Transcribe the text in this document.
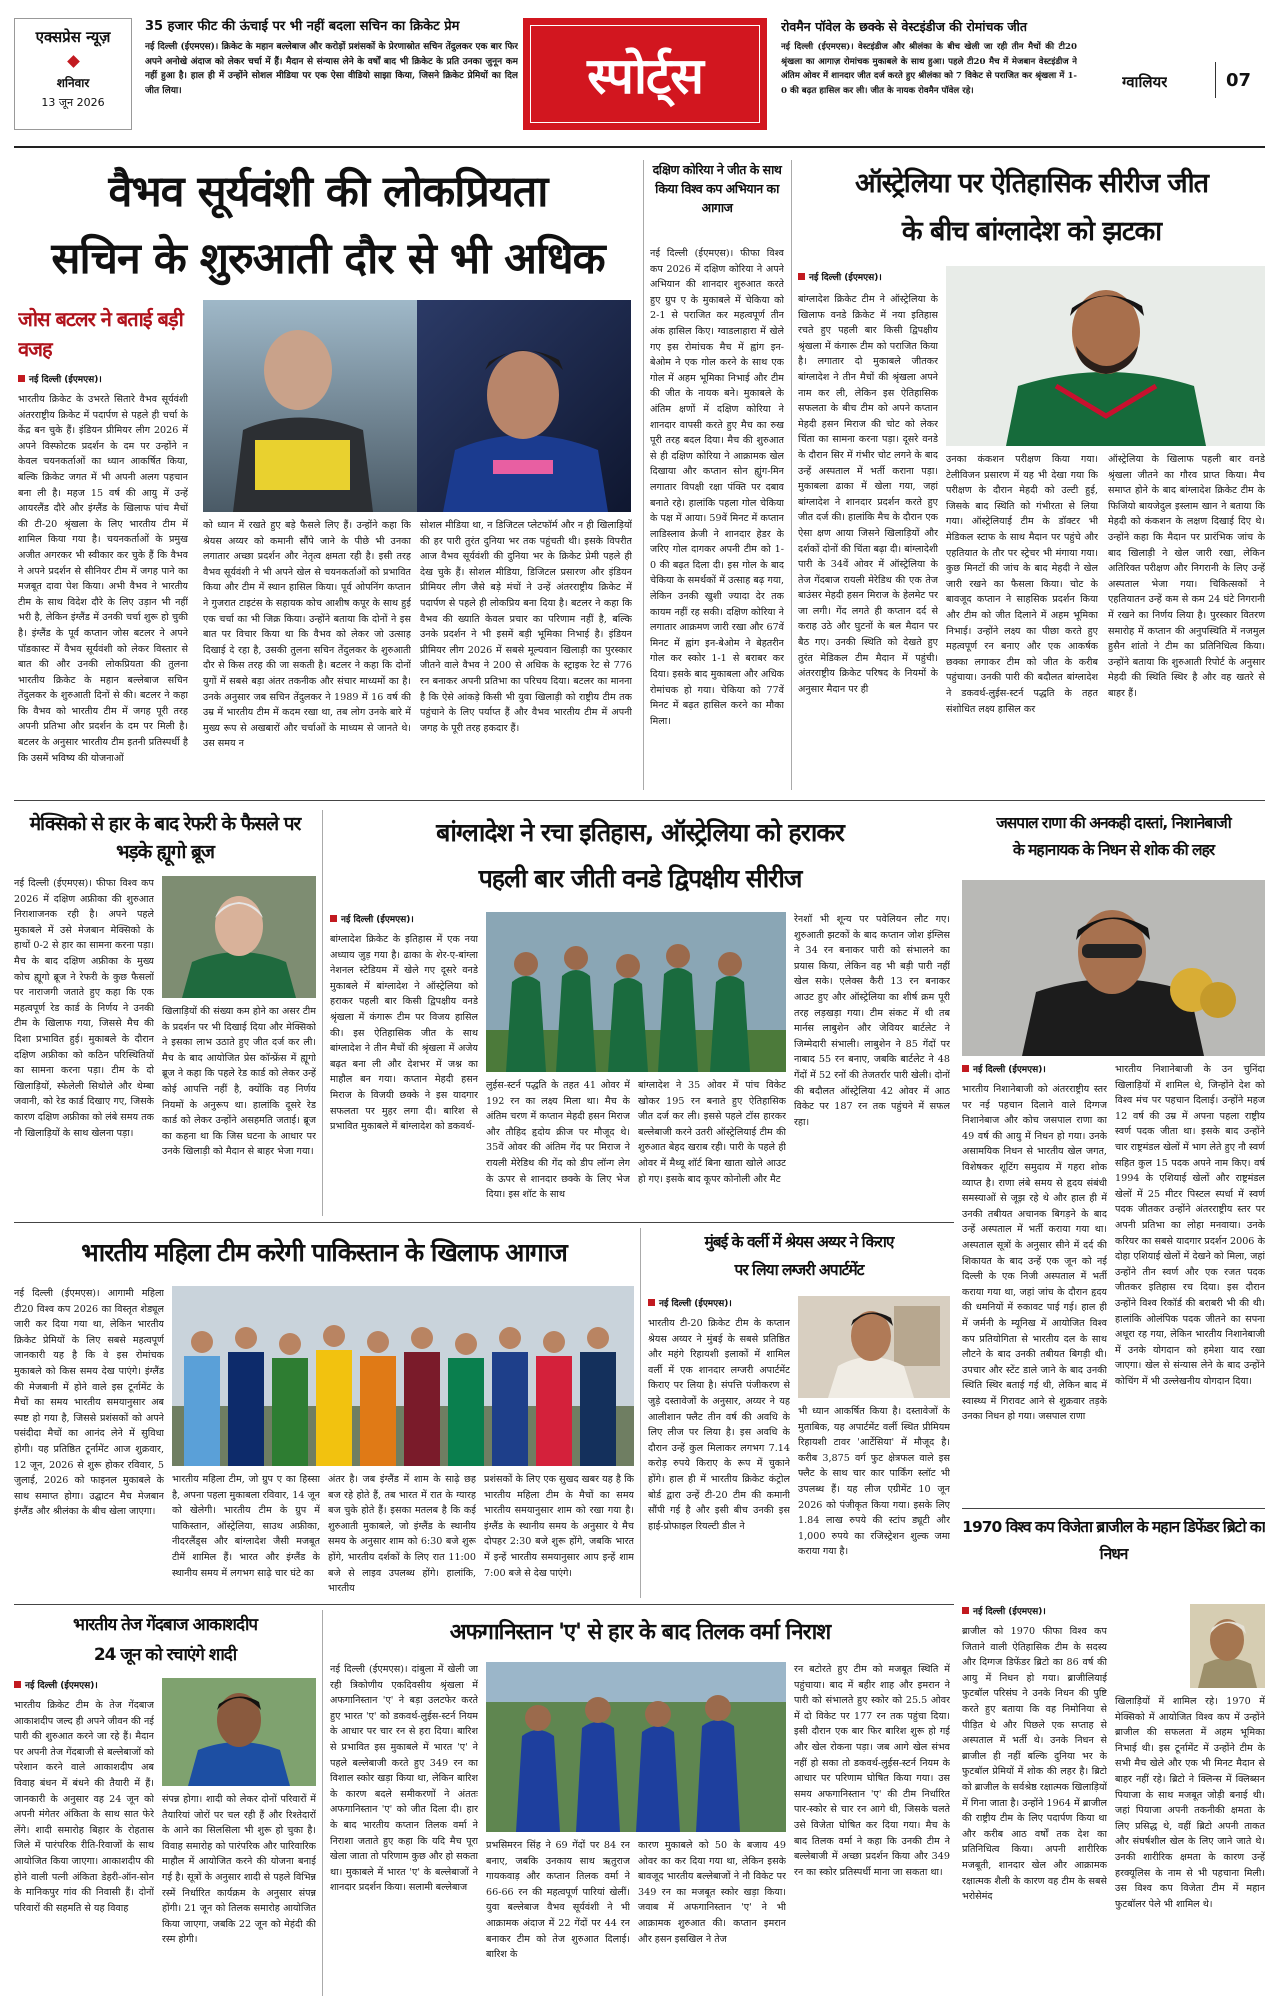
एक्सप्रेस न्यूज़
शनिवार
13 जून 2026
35 हजार फीट की ऊंचाई पर भी नहीं बदला सचिन का क्रिकेट प्रेम
नई दिल्ली (ईएमएस)। क्रिकेट के महान बल्लेबाज और करोड़ों प्रशंसकों के प्रेरणास्रोत सचिन तेंदुलकर एक बार फिर अपने अनोखे अंदाज को लेकर चर्चा में हैं। मैदान से संन्यास लेने के वर्षों बाद भी क्रिकेट के प्रति उनका जुनून कम नहीं हुआ है। हाल ही में उन्होंने सोशल मीडिया पर एक ऐसा वीडियो साझा किया, जिसने क्रिकेट प्रेमियों का दिल जीत लिया।	स्पोर्ट्स
रोवमैन पॉवेल के छक्के से वेस्टइंडीज की रोमांचक जीत
नई दिल्ली (ईएमएस)। वेस्टइंडीज और श्रीलंका के बीच खेली जा रही तीन मैचों की टी20 श्रृंखला का आगाज़ रोमांचक मुकाबले के साथ हुआ। पहले टी20 मैच में मेजबान वेस्टइंडीज ने अंतिम ओवर में शानदार जीत दर्ज करते हुए श्रीलंका को 7 विकेट से पराजित कर श्रृंखला में 1-0 की बढ़त हासिल कर ली। जीत के नायक रोवमैन पॉवेल रहे।	ग्वालियर	07
वैभव सूर्यवंशी की लोकप्रियता
सचिन के शुरुआती दौर से भी अधिक
जोस बटलर ने बताई बड़ी वजह
नई दिल्ली (ईएमएस)।
भारतीय क्रिकेट के उभरते सितारे वैभव सूर्यवंशी अंतरराष्ट्रीय क्रिकेट में पदार्पण से पहले ही चर्चा के केंद्र बन चुके हैं। इंडियन प्रीमियर लीग 2026 में अपने विस्फोटक प्रदर्शन के दम पर उन्होंने न केवल चयनकर्ताओं का ध्यान आकर्षित किया, बल्कि क्रिकेट जगत में भी अपनी अलग पहचान बना ली है। महज 15 वर्ष की आयु में उन्हें आयरलैंड दौरे और इंग्लैंड के खिलाफ पांच मैचों की टी-20 श्रृंखला के लिए भारतीय टीम में शामिल किया गया है। चयनकर्ताओं के प्रमुख अजीत अगरकर भी स्वीकार कर चुके हैं कि वैभव ने अपने प्रदर्शन से सीनियर टीम में जगह पाने का मजबूत दावा पेश किया। अभी वैभव ने भारतीय टीम के साथ विदेश दौरे के लिए उड़ान भी नहीं भरी है, लेकिन इंग्लैंड में उनकी चर्चा शुरू हो चुकी है। इंग्लैंड के पूर्व कप्तान जोस बटलर ने अपने पॉडकास्ट में वैभव सूर्यवंशी को लेकर विस्तार से बात की और उनकी लोकप्रियता की तुलना भारतीय क्रिकेट के महान बल्लेबाज सचिन तेंदुलकर के शुरुआती दिनों से की। बटलर ने कहा कि वैभव को भारतीय टीम में जगह पूरी तरह अपनी प्रतिभा और प्रदर्शन के दम पर मिली है। बटलर के अनुसार भारतीय टीम इतनी प्रतिस्पर्धी है कि उसमें भविष्य की योजनाओं
को ध्यान में रखते हुए बड़े फैसले लिए हैं। उन्होंने कहा कि श्रेयस अय्यर को कमानी सौंपे जाने के पीछे भी उनका लगातार अच्छा प्रदर्शन और नेतृत्व क्षमता रही है। इसी तरह वैभव सूर्यवंशी ने भी अपने खेल से चयनकर्ताओं को प्रभावित किया और टीम में स्थान हासिल किया। पूर्व ओपनिंग कप्तान ने गुजरात टाइटंस के सहायक कोच आशीष कपूर के साथ हुई एक चर्चा का भी जिक्र किया। उन्होंने बताया कि दोनों ने इस बात पर विचार किया था कि वैभव को लेकर जो उत्साह दिखाई दे रहा है, उसकी तुलना सचिन तेंदुलकर के शुरुआती दौर से किस तरह की जा सकती है। बटलर ने कहा कि दोनों युगों में सबसे बड़ा अंतर तकनीक और संचार माध्यमों का है। उनके अनुसार जब सचिन तेंदुलकर ने 1989 में 16 वर्ष की उम्र में भारतीय टीम में कदम रखा था, तब लोग उनके बारे में मुख्य रूप से अखबारों और चर्चाओं के माध्यम से जानते थे। उस समय न
सोशल मीडिया था, न डिजिटल प्लेटफॉर्म और न ही खिलाड़ियों की हर पारी तुरंत दुनिया भर तक पहुंचती थी। इसके विपरीत आज वैभव सूर्यवंशी की दुनिया भर के क्रिकेट प्रेमी पहले ही देख चुके हैं। सोशल मीडिया, डिजिटल प्रसारण और इंडियन प्रीमियर लीग जैसे बड़े मंचों ने उन्हें अंतरराष्ट्रीय क्रिकेट में पदार्पण से पहले ही लोकप्रिय बना दिया है। बटलर ने कहा कि वैभव की ख्याति केवल प्रचार का परिणाम नहीं है, बल्कि उनके प्रदर्शन ने भी इसमें बड़ी भूमिका निभाई है। इंडियन प्रीमियर लीग 2026 में सबसे मूल्यवान खिलाड़ी का पुरस्कार जीतने वाले वैभव ने 200 से अधिक के स्ट्राइक रेट से 776 रन बनाकर अपनी प्रतिभा का परिचय दिया। बटलर का मानना है कि ऐसे आंकड़े किसी भी युवा खिलाड़ी को राष्ट्रीय टीम तक पहुंचाने के लिए पर्याप्त हैं और वैभव भारतीय टीम में अपनी जगह के पूरी तरह हकदार हैं।
दक्षिण कोरिया ने जीत के साथ किया विश्व कप अभियान का आगाज
नई दिल्ली (ईएमएस)। फीफा विश्व कप 2026 में दक्षिण कोरिया ने अपने अभियान की शानदार शुरुआत करते हुए ग्रुप ए के मुकाबले में चेकिया को 2-1 से पराजित कर महत्वपूर्ण तीन अंक हासिल किए। ग्वाडलाहारा में खेले गए इस रोमांचक मैच में ह्वांग इन-बेओम ने एक गोल करने के साथ एक गोल में अहम भूमिका निभाई और टीम की जीत के नायक बने। मुकाबले के अंतिम क्षणों में दक्षिण कोरिया ने शानदार वापसी करते हुए मैच का रुख पूरी तरह बदल दिया। मैच की शुरुआत से ही दक्षिण कोरिया ने आक्रामक खेल दिखाया और कप्तान सोन ह्युंग-मिन लगातार विपक्षी रक्षा पंक्ति पर दबाव बनाते रहे। हालांकि पहला गोल चेकिया के पक्ष में आया। 59वें मिनट में कप्तान लाडिस्लाव क्रेजी ने शानदार हेडर के जरिए गोल दागकर अपनी टीम को 1-0 की बढ़त दिला दी। इस गोल के बाद चेकिया के समर्थकों में उत्साह बढ़ गया, लेकिन उनकी खुशी ज्यादा देर तक कायम नहीं रह सकी। दक्षिण कोरिया ने लगातार आक्रमण जारी रखा और 67वें मिनट में ह्वांग इन-बेओम ने बेहतरीन गोल कर स्कोर 1-1 से बराबर कर दिया। इसके बाद मुकाबला और अधिक रोमांचक हो गया। चेकिया को 77वें मिनट में बढ़त हासिल करने का मौका मिला।
ऑस्ट्रेलिया पर ऐतिहासिक सीरीज जीत
के बीच बांग्लादेश को झटका
नई दिल्ली (ईएमएस)।
बांग्लादेश क्रिकेट टीम ने ऑस्ट्रेलिया के खिलाफ वनडे क्रिकेट में नया इतिहास रचते हुए पहली बार किसी द्विपक्षीय श्रृंखला में कंगारू टीम को पराजित किया है। लगातार दो मुकाबले जीतकर बांग्लादेश ने तीन मैचों की श्रृंखला अपने नाम कर ली, लेकिन इस ऐतिहासिक सफलता के बीच टीम को अपने कप्तान मेहदी हसन मिराज की चोट को लेकर चिंता का सामना करना पड़ा। दूसरे वनडे के दौरान सिर में गंभीर चोट लगने के बाद उन्हें अस्पताल में भर्ती कराना पड़ा। मुकाबला ढाका में खेला गया, जहां बांग्लादेश ने शानदार प्रदर्शन करते हुए जीत दर्ज की। हालांकि मैच के दौरान एक ऐसा क्षण आया जिसने खिलाड़ियों और दर्शकों दोनों की चिंता बढ़ा दी। बांग्लादेशी पारी के 34वें ओवर में ऑस्ट्रेलिया के तेज गेंदबाज रायली मेरेडिथ की एक तेज बाउंसर मेहदी हसन मिराज के हेलमेट पर जा लगी। गेंद लगते ही कप्तान दर्द से कराह उठे और घुटनों के बल मैदान पर बैठ गए। उनकी स्थिति को देखते हुए तुरंत मेडिकल टीम मैदान में पहुंची। अंतरराष्ट्रीय क्रिकेट परिषद के नियमों के अनुसार मैदान पर ही
उनका कंकशन परीक्षण किया गया। टेलीविजन प्रसारण में यह भी देखा गया कि परीक्षण के दौरान मेहदी को उल्टी हुई, जिसके बाद स्थिति को गंभीरता से लिया गया। ऑस्ट्रेलियाई टीम के डॉक्टर भी मेडिकल स्टाफ के साथ मैदान पर पहुंचे और एहतियात के तौर पर स्ट्रेचर भी मंगाया गया। कुछ मिनटों की जांच के बाद मेहदी ने खेल जारी रखने का फैसला किया। चोट के बावजूद कप्तान ने साहसिक प्रदर्शन किया और टीम को जीत दिलाने में अहम भूमिका निभाई। उन्होंने लक्ष्य का पीछा करते हुए महत्वपूर्ण रन बनाए और एक आकर्षक छक्का लगाकर टीम को जीत के करीब पहुंचाया। उनकी पारी की बदौलत बांग्लादेश ने डकवर्थ-लुईस-स्टर्न पद्धति के तहत संशोधित लक्ष्य हासिल कर
ऑस्ट्रेलिया के खिलाफ पहली बार वनडे श्रृंखला जीतने का गौरव प्राप्त किया। मैच समाप्त होने के बाद बांग्लादेश क्रिकेट टीम के फिजियो बायजेदुल इस्लाम खान ने बताया कि मेहदी को कंकशन के लक्षण दिखाई दिए थे। उन्होंने कहा कि मैदान पर प्रारंभिक जांच के बाद खिलाड़ी ने खेल जारी रखा, लेकिन अतिरिक्त परीक्षण और निगरानी के लिए उन्हें अस्पताल भेजा गया। चिकित्सकों ने एहतियातन उन्हें कम से कम 24 घंटे निगरानी में रखने का निर्णय लिया है। पुरस्कार वितरण समारोह में कप्तान की अनुपस्थिति में नजमुल हुसैन शांतो ने टीम का प्रतिनिधित्व किया। उन्होंने बताया कि शुरुआती रिपोर्ट के अनुसार मेहदी की स्थिति स्थिर है और वह खतरे से बाहर हैं।
मेक्सिको से हार के बाद रेफरी के फैसले पर भड़के ह्यूगो ब्रूज
नई दिल्ली (ईएमएस)। फीफा विश्व कप 2026 में दक्षिण अफ्रीका की शुरुआत निराशाजनक रही है। अपने पहले मुकाबले में उसे मेजबान मेक्सिको के हाथों 0-2 से हार का सामना करना पड़ा। मैच के बाद दक्षिण अफ्रीका के मुख्य कोच ह्यूगो ब्रूज ने रेफरी के कुछ फैसलों पर नाराजगी जताते हुए कहा कि एक महत्वपूर्ण रेड कार्ड के निर्णय ने उनकी टीम के खिलाफ गया, जिससे मैच की दिशा प्रभावित हुई। मुकाबले के दौरान दक्षिण अफ्रीका को कठिन परिस्थितियों का सामना करना पड़ा। टीम के दो खिलाड़ियों, स्फेलेली सिथोले और थेम्बा जवानी, को रेड कार्ड दिखाए गए, जिसके कारण दक्षिण अफ्रीका को लंबे समय तक नौ खिलाड़ियों के साथ खेलना पड़ा।
खिलाड़ियों की संख्या कम होने का असर टीम के प्रदर्शन पर भी दिखाई दिया और मेक्सिको ने इसका लाभ उठाते हुए जीत दर्ज कर ली। मैच के बाद आयोजित प्रेस कॉन्फ्रेंस में ह्यूगो ब्रूज ने कहा कि पहले रेड कार्ड को लेकर उन्हें कोई आपत्ति नहीं है, क्योंकि वह निर्णय नियमों के अनुरूप था। हालांकि दूसरे रेड कार्ड को लेकर उन्होंने असहमति जताई। ब्रूज का कहना था कि जिस घटना के आधार पर उनके खिलाड़ी को मैदान से बाहर भेजा गया।
बांग्लादेश ने रचा इतिहास, ऑस्ट्रेलिया को हराकर
पहली बार जीती वनडे द्विपक्षीय सीरीज
नई दिल्ली (ईएमएस)।
बांग्लादेश क्रिकेट के इतिहास में एक नया अध्याय जुड़ गया है। ढाका के शेर-ए-बांग्ला नेशनल स्टेडियम में खेले गए दूसरे वनडे मुकाबले में बांग्लादेश ने ऑस्ट्रेलिया को हराकर पहली बार किसी द्विपक्षीय वनडे श्रृंखला में कंगारू टीम पर विजय हासिल की। इस ऐतिहासिक जीत के साथ बांग्लादेश ने तीन मैचों की श्रृंखला में अजेय बढ़त बना ली और देशभर में जश्न का माहौल बन गया। कप्तान मेहदी हसन मिराज के विजयी छक्के ने इस यादगार सफलता पर मुहर लगा दी। बारिश से प्रभावित मुकाबले में बांग्लादेश को डकवर्थ-
लुईस-स्टर्न पद्धति के तहत 41 ओवर में 192 रन का लक्ष्य मिला था। मैच के अंतिम चरण में कप्तान मेहदी हसन मिराज और तौहिद हृदोय क्रीज पर मौजूद थे। 35वें ओवर की अंतिम गेंद पर मिराज ने रायली मेरेडिथ की गेंद को डीप लॉन्ग लेग के ऊपर से शानदार छक्के के लिए भेज दिया। इस शॉट के साथ
बांग्लादेश ने 35 ओवर में पांच विकेट खोकर 195 रन बनाते हुए ऐतिहासिक जीत दर्ज कर ली। इससे पहले टॉस हारकर बल्लेबाजी करने उतरी ऑस्ट्रेलियाई टीम की शुरुआत बेहद खराब रही। पारी के पहले ही ओवर में मैथ्यू शॉर्ट बिना खाता खोले आउट हो गए। इसके बाद कूपर कोनोली और मैट
रेनशॉ भी शून्य पर पवेलियन लौट गए। शुरुआती झटकों के बाद कप्तान जोश इंग्लिस ने 34 रन बनाकर पारी को संभालने का प्रयास किया, लेकिन वह भी बड़ी पारी नहीं खेल सके। एलेक्स कैरी 13 रन बनाकर आउट हुए और ऑस्ट्रेलिया का शीर्ष क्रम पूरी तरह लड़खड़ा गया। टीम संकट में थी तब मार्नस लाबुशेन और जेवियर बार्टलेट ने जिम्मेदारी संभाली। लाबुशेन ने 85 गेंदों पर नाबाद 55 रन बनाए, जबकि बार्टलेट ने 48 गेंदों में 52 रनों की तेजतर्रार पारी खेली। दोनों की बदौलत ऑस्ट्रेलिया 42 ओवर में आठ विकेट पर 187 रन तक पहुंचने में सफल रहा।
जसपाल राणा की अनकही दास्तां, निशानेबाजी
के महानायक के निधन से शोक की लहर
नई दिल्ली (ईएमएस)।
भारतीय निशानेबाजी को अंतरराष्ट्रीय स्तर पर नई पहचान दिलाने वाले दिग्गज निशानेबाज और कोच जसपाल राणा का 49 वर्ष की आयु में निधन हो गया। उनके असामयिक निधन से भारतीय खेल जगत, विशेषकर शूटिंग समुदाय में गहरा शोक व्याप्त है। राणा लंबे समय से हृदय संबंधी समस्याओं से जूझ रहे थे और हाल ही में उनकी तबीयत अचानक बिगड़ने के बाद उन्हें अस्पताल में भर्ती कराया गया था। अस्पताल सूत्रों के अनुसार सीने में दर्द की शिकायत के बाद उन्हें एक जून को नई दिल्ली के एक निजी अस्पताल में भर्ती कराया गया था, जहां जांच के दौरान हृदय की धमनियों में रुकावट पाई गई। हाल ही में जर्मनी के म्यूनिख में आयोजित विश्व कप प्रतियोगिता से भारतीय दल के साथ लौटने के बाद उनकी तबीयत बिगड़ी थी। उपचार और स्टेंट डाले जाने के बाद उनकी स्थिति स्थिर बताई गई थी, लेकिन बाद में स्वास्थ्य में गिरावट आने से शुक्रवार तड़के उनका निधन हो गया। जसपाल राणा
भारतीय निशानेबाजी के उन चुनिंदा खिलाड़ियों में शामिल थे, जिन्होंने देश को विश्व मंच पर पहचान दिलाई। उन्होंने महज 12 वर्ष की उम्र में अपना पहला राष्ट्रीय स्वर्ण पदक जीता था। इसके बाद उन्होंने चार राष्ट्रमंडल खेलों में भाग लेते हुए नौ स्वर्ण सहित कुल 15 पदक अपने नाम किए। वर्ष 1994 के एशियाई खेलों और राष्ट्रमंडल खेलों में 25 मीटर पिस्टल स्पर्धा में स्वर्ण पदक जीतकर उन्होंने अंतरराष्ट्रीय स्तर पर अपनी प्रतिभा का लोहा मनवाया। उनके करियर का सबसे यादगार प्रदर्शन 2006 के दोहा एशियाई खेलों में देखने को मिला, जहां उन्होंने तीन स्वर्ण और एक रजत पदक जीतकर इतिहास रच दिया। इस दौरान उन्होंने विश्व रिकॉर्ड की बराबरी भी की थी। हालांकि ओलंपिक पदक जीतने का सपना अधूरा रह गया, लेकिन भारतीय निशानेबाजी में उनके योगदान को हमेशा याद रखा जाएगा। खेल से संन्यास लेने के बाद उन्होंने कोचिंग में भी उल्लेखनीय योगदान दिया।
भारतीय महिला टीम करेगी पाकिस्तान के खिलाफ आगाज
नई दिल्ली (ईएमएस)। आगामी महिला टी20 विश्व कप 2026 का विस्तृत शेड्यूल जारी कर दिया गया था, लेकिन भारतीय क्रिकेट प्रेमियों के लिए सबसे महत्वपूर्ण जानकारी यह है कि वे इस रोमांचक मुकाबले को किस समय देख पाएंगे। इंग्लैंड की मेजबानी में होने वाले इस टूर्नामेंट के मैचों का समय भारतीय समयानुसार अब स्पष्ट हो गया है, जिससे प्रशंसकों को अपने पसंदीदा मैचों का आनंद लेने में सुविधा होगी। यह प्रतिष्ठित टूर्नामेंट आज शुक्रवार, 12 जून, 2026 से शुरू होकर रविवार, 5 जुलाई, 2026 को फाइनल मुकाबले के साथ समाप्त होगा। उद्घाटन मैच मेजबान इंग्लैंड और श्रीलंका के बीच खेला जाएगा।
भारतीय महिला टीम, जो ग्रुप ए का हिस्सा है, अपना पहला मुकाबला रविवार, 14 जून को खेलेगी। भारतीय टीम के ग्रुप में पाकिस्तान, ऑस्ट्रेलिया, साउथ अफ्रीका, नीदरलैंड्स और बांग्लादेश जैसी मजबूत टीमें शामिल हैं। भारत और इंग्लैंड के स्थानीय समय में लगभग साढ़े चार घंटे का
अंतर है। जब इंग्लैंड में शाम के साढ़े छह बज रहे होते हैं, तब भारत में रात के ग्यारह बज चुके होते हैं। इसका मतलब है कि कई शुरुआती मुकाबले, जो इंग्लैंड के स्थानीय समय के अनुसार शाम को 6:30 बजे शुरू होंगे, भारतीय दर्शकों के लिए रात 11:00 बजे से लाइव उपलब्ध होंगे। हालांकि, भारतीय
प्रशंसकों के लिए एक सुखद खबर यह है कि भारतीय महिला टीम के मैचों का समय भारतीय समयानुसार शाम को रखा गया है। इंग्लैंड के स्थानीय समय के अनुसार ये मैच दोपहर 2:30 बजे शुरू होंगे, जबकि भारत में इन्हें भारतीय समयानुसार आप इन्हें शाम 7:00 बजे से देख पाएंगे।
मुंबई के वर्ली में श्रेयस अय्यर ने किराए
पर लिया लग्जरी अपार्टमेंट
नई दिल्ली (ईएमएस)।
भारतीय टी-20 क्रिकेट टीम के कप्तान श्रेयस अय्यर ने मुंबई के सबसे प्रतिष्ठित और महंगे रिहायशी इलाकों में शामिल वर्ली में एक शानदार लग्जरी अपार्टमेंट किराए पर लिया है। संपत्ति पंजीकरण से जुड़े दस्तावेजों के अनुसार, अय्यर ने यह आलीशान फ्लैट तीन वर्ष की अवधि के लिए लीज पर लिया है। इस अवधि के दौरान उन्हें कुल मिलाकर लगभग 7.14 करोड़ रुपये किराए के रूप में चुकाने होंगे। हाल ही में भारतीय क्रिकेट कंट्रोल बोर्ड द्वारा उन्हें टी-20 टीम की कमानी सौंपी गई है और इसी बीच उनकी इस हाई-प्रोफाइल रियल्टी डील ने
भी ध्यान आकर्षित किया है। दस्तावेजों के मुताबिक, यह अपार्टमेंट वर्ली स्थित प्रीमियम रिहायशी टावर 'आर्टेसिया' में मौजूद है। करीब 3,875 वर्ग फुट क्षेत्रफल वाले इस फ्लैट के साथ चार कार पार्किंग स्लॉट भी उपलब्ध हैं। यह लीज एग्रीमेंट 10 जून 2026 को पंजीकृत किया गया। इसके लिए 1.84 लाख रुपये की स्टांप ड्यूटी और 1,000 रुपये का रजिस्ट्रेशन शुल्क जमा कराया गया है।
1970 विश्व कप विजेता ब्राजील के महान डिफेंडर ब्रिटो का निधन
नई दिल्ली (ईएमएस)।
ब्राजील को 1970 फीफा विश्व कप जिताने वाली ऐतिहासिक टीम के सदस्य और दिग्गज डिफेंडर ब्रिटो का 86 वर्ष की आयु में निधन हो गया। ब्राजीलियाई फुटबॉल परिसंघ ने उनके निधन की पुष्टि करते हुए बताया कि वह निमोनिया से पीड़ित थे और पिछले एक सप्ताह से अस्पताल में भर्ती थे। उनके निधन से ब्राजील ही नहीं बल्कि दुनिया भर के फुटबॉल प्रेमियों में शोक की लहर है। ब्रिटो को ब्राजील के सर्वश्रेष्ठ रक्षात्मक खिलाड़ियों में गिना जाता है। उन्होंने 1964 में ब्राजील की राष्ट्रीय टीम के लिए पदार्पण किया था और करीब आठ वर्षों तक देश का प्रतिनिधित्व किया। अपनी शारीरिक मजबूती, शानदार खेल और आक्रामक रक्षात्मक शैली के कारण वह टीम के सबसे भरोसेमंद
खिलाड़ियों में शामिल रहे। 1970 में मेक्सिको में आयोजित विश्व कप में उन्होंने ब्राजील की सफलता में अहम भूमिका निभाई थी। इस टूर्नामेंट में उन्होंने टीम के सभी मैच खेले और एक भी मिनट मैदान से बाहर नहीं रहे। ब्रिटो ने क्लिन्स में क्लिब्सन पियाजा के साथ मजबूत जोड़ी बनाई थी। जहां पियाजा अपनी तकनीकी क्षमता के लिए प्रसिद्ध थे, वहीं ब्रिटो अपनी ताकत और संघर्षशील खेल के लिए जाने जाते थे। उनकी शारीरिक क्षमता के कारण उन्हें हरक्यूलिस के नाम से भी पहचाना मिली। उस विश्व कप विजेता टीम में महान फुटबॉलर पेले भी शामिल थे।
भारतीय तेज गेंदबाज आकाशदीप
24 जून को रचाएंगे शादी
नई दिल्ली (ईएमएस)।
भारतीय क्रिकेट टीम के तेज गेंदबाज आकाशदीप जल्द ही अपने जीवन की नई पारी की शुरुआत करने जा रहे हैं। मैदान पर अपनी तेज गेंदबाजी से बल्लेबाजों को परेशान करने वाले आकाशदीप अब विवाह बंधन में बंधने की तैयारी में हैं। जानकारी के अनुसार वह 24 जून को अपनी मंगेतर अंकिता के साथ सात फेरे लेंगे। शादी समारोह बिहार के रोहतास जिले में पारंपरिक रीति-रिवाजों के साथ आयोजित किया जाएगा। आकाशदीप की होने वाली पत्नी अंकिता डेहरी-ऑन-सोन के मानिकपुर गांव की निवासी हैं। दोनों परिवारों की सहमति से यह विवाह
संपन्न होगा। शादी को लेकर दोनों परिवारों में तैयारियां जोरों पर चल रही हैं और रिश्तेदारों के आने का सिलसिला भी शुरू हो चुका है। विवाह समारोह को पारंपरिक और पारिवारिक माहौल में आयोजित करने की योजना बनाई गई है। सूत्रों के अनुसार शादी से पहले विभिन्न रस्में निर्धारित कार्यक्रम के अनुसार संपन्न होंगी। 21 जून को तिलक समारोह आयोजित किया जाएगा, जबकि 22 जून को मेहंदी की रस्म होगी।
अफगानिस्तान 'ए' से हार के बाद तिलक वर्मा निराश
नई दिल्ली (ईएमएस)। दांबुला में खेली जा रही त्रिकोणीय एकदिवसीय श्रृंखला में अफगानिस्तान 'ए' ने बड़ा उलटफेर करते हुए भारत 'ए' को डकवर्थ-लुईस-स्टर्न नियम के आधार पर चार रन से हरा दिया। बारिश से प्रभावित इस मुकाबले में भारत 'ए' ने पहले बल्लेबाजी करते हुए 349 रन का विशाल स्कोर खड़ा किया था, लेकिन बारिश के कारण बदले समीकरणों ने अंततः अफगानिस्तान 'ए' को जीत दिला दी। हार के बाद भारतीय कप्तान तिलक वर्मा ने निराशा जताते हुए कहा कि यदि मैच पूरा खेला जाता तो परिणाम कुछ और हो सकता था। मुकाबले में भारत 'ए' के बल्लेबाजों ने शानदार प्रदर्शन किया। सलामी बल्लेबाज
प्रभसिमरन सिंह ने 69 गेंदों पर 84 रन बनाए, जबकि उनकाय साथ ऋतुराज गायकवाड़ और कप्तान तिलक वर्मा ने 66-66 रन की महत्वपूर्ण पारियां खेलीं। युवा बल्लेबाज वैभव सूर्यवंशी ने भी आक्रामक अंदाज में 22 गेंदों पर 44 रन बनाकर टीम को तेज शुरुआत दिलाई। बारिश के
कारण मुकाबले को 50 के बजाय 49 ओवर का कर दिया गया था, लेकिन इसके बावजूद भारतीय बल्लेबाजों ने नौ विकेट पर 349 रन का मजबूत स्कोर खड़ा किया। जवाब में अफगानिस्तान 'ए' ने भी आक्रामक शुरुआत की। कप्तान इमरान और हसन इसखिल ने तेज
रन बटोरते हुए टीम को मजबूत स्थिति में पहुंचाया। बाद में बहीर शाह और इमरान ने पारी को संभालते हुए स्कोर को 25.5 ओवर में दो विकेट पर 177 रन तक पहुंचा दिया। इसी दौरान एक बार फिर बारिश शुरू हो गई और खेल रोकना पड़ा। जब आगे खेल संभव नहीं हो सका तो डकवर्थ-लुईस-स्टर्न नियम के आधार पर परिणाम घोषित किया गया। उस समय अफगानिस्तान 'ए' की टीम निर्धारित पार-स्कोर से चार रन आगे थी, जिसके चलते उसे विजेता घोषित कर दिया गया। मैच के बाद तिलक वर्मा ने कहा कि उनकी टीम ने बल्लेबाजी में अच्छा प्रदर्शन किया और 349 रन का स्कोर प्रतिस्पर्धी माना जा सकता था।
